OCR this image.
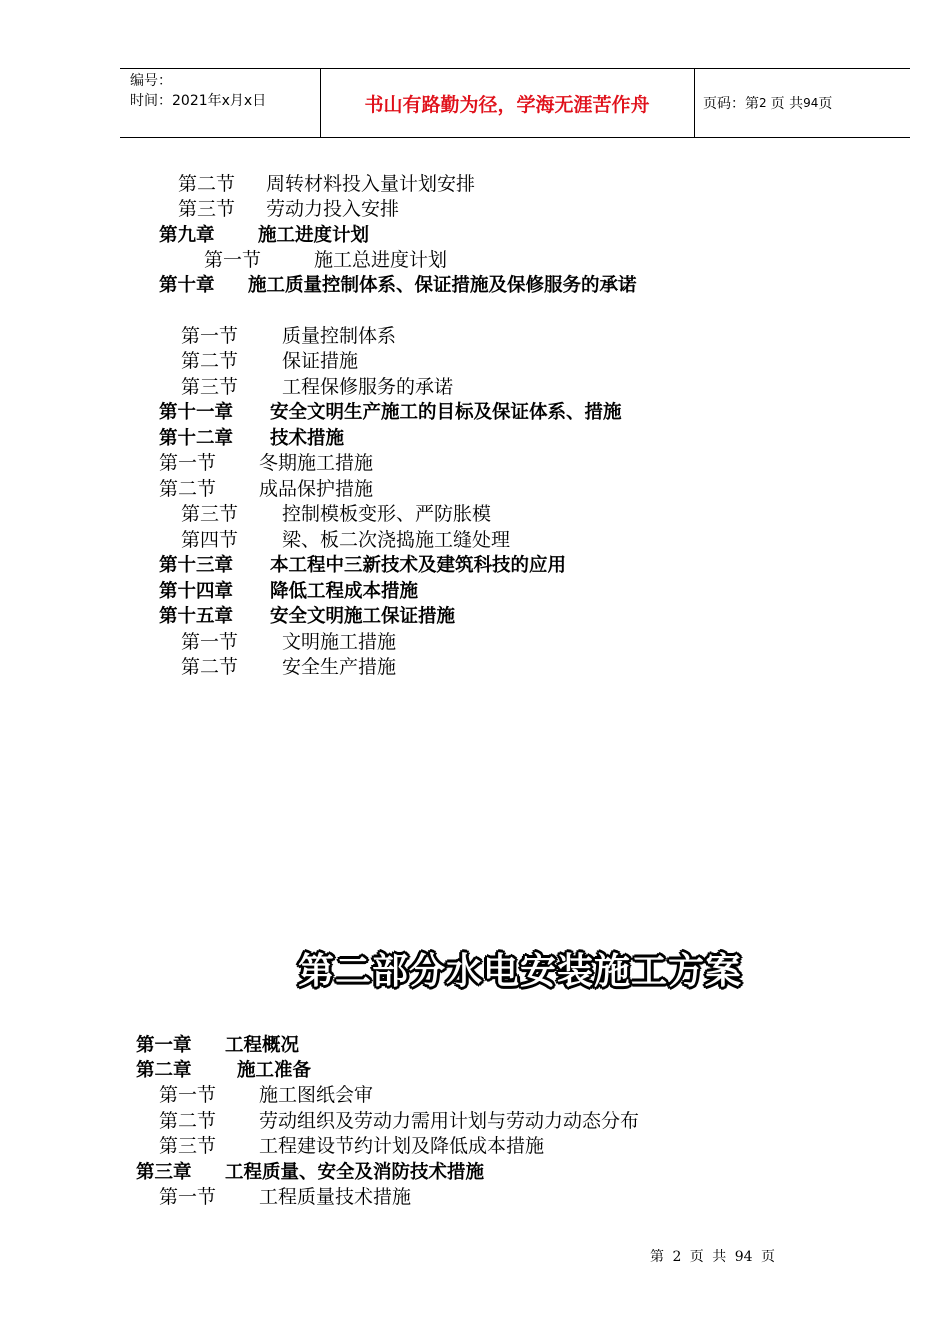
编号：
时间：2021年x月x日	书山有路勤为径，学海无涯苦作舟	页码：第 2 页 共 94 页
第二节 周转材料投入量计划安排
第三节 劳动力投入安排
第九章 施工进度计划
第一节	施工总进度计划
第十章 施工质量控制体系、保证措施及保修服务的承诺
第一节 质量控制体系
第二节 保证措施
第三节 工程保修服务的承诺
第十一章 安全文明生产施工的目标及保证体系、措施
第十二章 技术措施
第一节 冬期施工措施
第二节 成品保护措施
第三节 控制模板变形、严防胀模
第四节 梁、板二次浇捣施工缝处理
第十三章 本工程中三新技术及建筑科技的应用
第十四章 降低工程成本措施
第十五章 安全文明施工保证措施
第一节 文明施工措施
第二节 安全生产措施
第二部分水电安装施工方案
第一章 工程概况
第二章 施工准备
第一节 施工图纸会审
第二节 劳动组织及劳动力需用计划与劳动力动态分布
第三节 工程建设节约计划及降低成本措施
第三章 工程质量、安全及消防技术措施
第一节 工程质量技术措施
第 2 页 共 94 页
